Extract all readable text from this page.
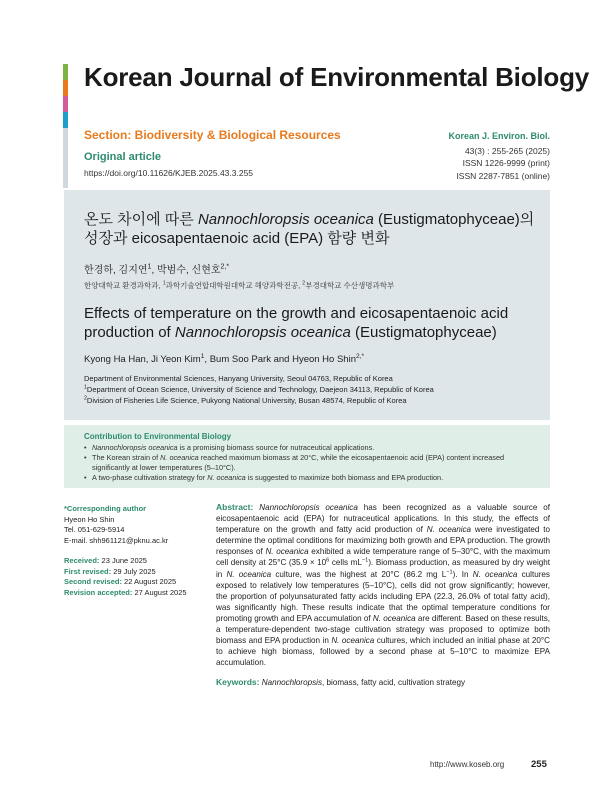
Korean Journal of Environmental Biology
Section: Biodiversity & Biological Resources
Original article
https://doi.org/10.11626/KJEB.2025.43.3.255
Korean J. Environ. Biol.
43(3) : 255-265 (2025)
ISSN 1226-9999 (print)
ISSN 2287-7851 (online)
온도 차이에 따른 Nannochloropsis oceanica (Eustigmatophyceae)의
성장과 eicosapentaenoic acid (EPA) 함량 변화
한경하, 김지연$^1$, 박범수, 신현호$^{2,*}$
한양대학교 환경과학과, $^1$과학기술연합대학원대학교 해양과학전공, $^2$부경대학교 수산생명과학부
Effects of temperature on the growth and eicosapentaenoic acid
production of Nannochloropsis oceanica (Eustigmatophyceae)
Kyong Ha Han, Ji Yeon Kim$^1$, Bum Soo Park and Hyeon Ho Shin$^{2,*}$
Department of Environmental Sciences, Hanyang University, Seoul 04763, Republic of Korea
$^1$Department of Ocean Science, University of Science and Technology, Daejeon 34113, Republic of Korea
$^2$Division of Fisheries Life Science, Pukyong National University, Busan 48574, Republic of Korea
Contribution to Environmental Biology
• Nannochloropsis oceanica is a promising biomass source for nutraceutical applications.
• The Korean strain of N. oceanica reached maximum biomass at 20°C, while the eicosapentaenoic acid (EPA) content increased significantly at lower temperatures (5–10°C).
• A two-phase cultivation strategy for N. oceanica is suggested to maximize both biomass and EPA production.
*Corresponding author
Hyeon Ho Shin
Tel. 051-629-5914
E-mail. shh961121@pknu.ac.kr
Received: 23 June 2025
First revised: 29 July 2025
Second revised: 22 August 2025
Revision accepted: 27 August 2025
Abstract: Nannochloropsis oceanica has been recognized as a valuable source of eicosapentaenoic acid (EPA) for nutraceutical applications. In this study, the effects of temperature on the growth and fatty acid production of N. oceanica were investigated to determine the optimal conditions for maximizing both growth and EPA production. The growth responses of N. oceanica exhibited a wide temperature range of 5–30°C, with the maximum cell density at 25°C ($35.9 \times 10^6$ cells $mL^{-1}$). Biomass production, as measured by dry weight in N. oceanica culture, was the highest at 20°C (86.2 mg $L^{-1}$). In N. oceanica cultures exposed to relatively low temperatures (5–10°C), cells did not grow significantly; however, the proportion of polyunsaturated fatty acids including EPA (22.3, 26.0% of total fatty acid), was significantly high. These results indicate that the optimal temperature conditions for promoting growth and EPA accumulation of N. oceanica are different. Based on these results, a temperature-dependent two-stage cultivation strategy was proposed to optimize both biomass and EPA production in N. oceanica cultures, which included an initial phase at 20°C to achieve high biomass, followed by a second phase at 5–10°C to maximize EPA accumulation.
Keywords: Nannochloropsis, biomass, fatty acid, cultivation strategy
http://www.koseb.org	255
